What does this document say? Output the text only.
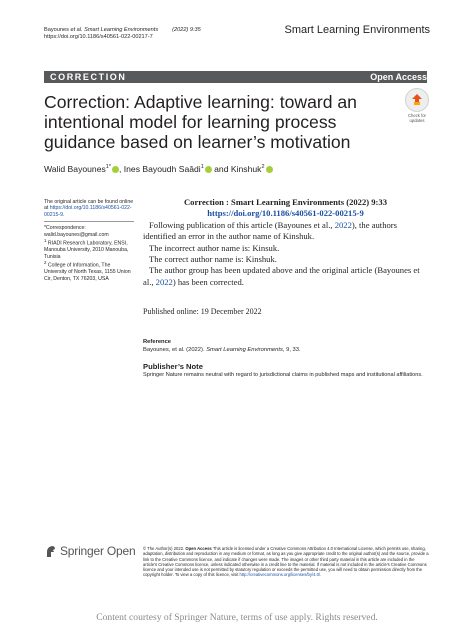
Bayounes et al. Smart Learning Environments	(2022) 9:35
https://doi.org/10.1186/s40561-022-00217-7
Smart Learning Environments
CORRECTION	Open Access
Correction: Adaptive learning: toward an intentional model for learning process guidance based on learner’s motivation
Check for
updates
Walid Bayounes$^{1*}$ , Ines Bayoudh Saâdi$^1$ and Kinshuk$^2$
The original article can be found online at https://doi.org/10.1186/s40561-022-00215-9.
*Correspondence:
walid.bayounes@gmail.com
$^1$ RIADI Research Laboratory, ENSI, Manouba University, 2010 Manouba, Tunisia
$^2$ College of Information, The University of North Texas, 1155 Union Cir, Denton, TX 76203, USA

Correction : Smart Learning Environments (2022) 9:33

https://doi.org/10.1186/s40561-022-00215-9

Following publication of this article (Bayounes et al., 2022), the authors identified an error in the author name of Kinshuk.

The incorrect author name is: Kinsuk.

The correct author name is: Kinshuk.

The author group has been updated above and the original article (Bayounes et al., 2022) has been corrected.

Published online: 19 December 2022
Reference
Bayounes, et al. (2022). Smart Learning Environments, 9, 33.
Publisher’s Note
Springer Nature remains neutral with regard to jurisdictional claims in published maps and institutional affiliations.
Springer Open © The Author(s) 2022. Open Access This article is licensed under a Creative Commons Attribution 4.0 International License, which permits use, sharing, adaptation, distribution and reproduction in any medium or format, as long as you give appropriate credit to the original author(s) and the source, provide a link to the Creative Commons licence, and indicate if changes were made. The images or other third party material in this article are included in the article's Creative Commons licence, unless indicated otherwise in a credit line to the material. If material is not included in the article's Creative Commons licence and your intended use is not permitted by statutory regulation or exceeds the permitted use, you will need to obtain permission directly from the copyright holder. To view a copy of this licence, visit http://creativecommons.org/licenses/by/4.0/.
Content courtesy of Springer Nature, terms of use apply. Rights reserved.
